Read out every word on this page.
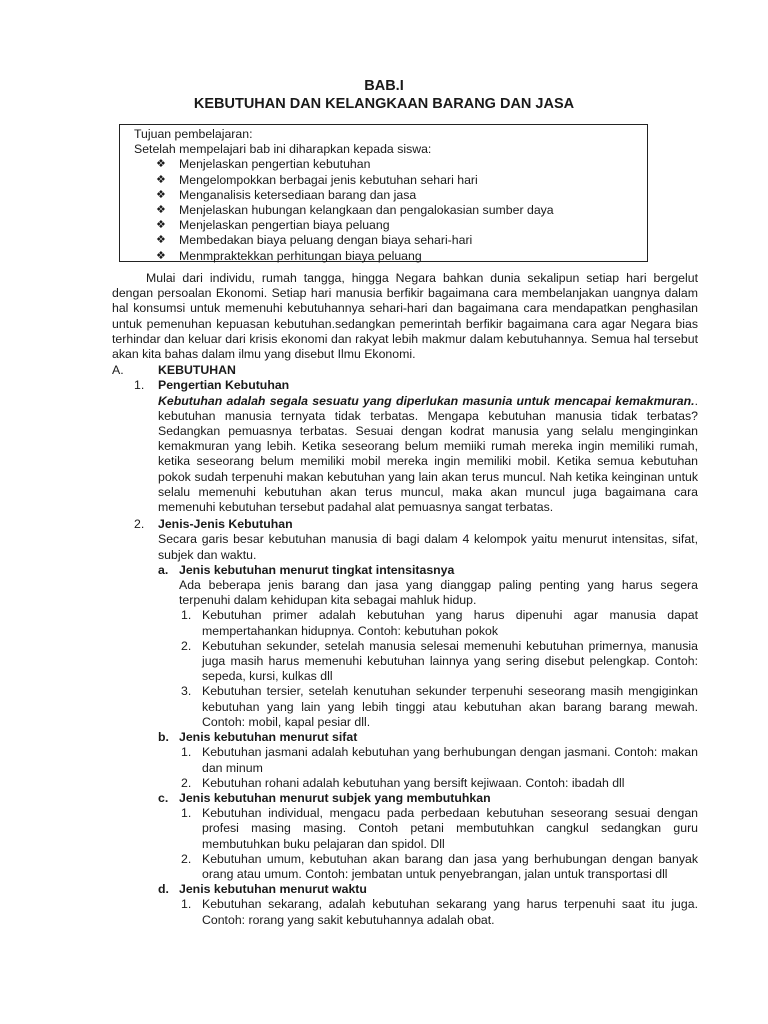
BAB.I
KEBUTUHAN DAN KELANGKAAN BARANG DAN JASA

Tujuan pembelajaran:

Setelah mempelajari bab ini diharapkan kepada siswa:

❖ Menjelaskan pengertian kebutuhan
❖ Mengelompokkan berbagai jenis kebutuhan sehari hari
❖ Menganalisis ketersediaan barang dan jasa
❖ Menjelaskan hubungan kelangkaan dan pengalokasian sumber daya
❖ Menjelaskan pengertian biaya peluang
❖ Membedakan biaya peluang dengan biaya sehari-hari
❖ Menmpraktekkan perhitungan biaya peluang

Mulai dari individu, rumah tangga, hingga Negara bahkan dunia sekalipun setiap hari bergelut dengan persoalan Ekonomi. Setiap hari manusia berfikir bagaimana cara membelanjakan uangnya dalam hal konsumsi untuk memenuhi kebutuhannya sehari-hari dan bagaimana cara mendapatkan penghasilan untuk pemenuhan kepuasan kebutuhan.sedangkan pemerintah berfikir bagaimana cara agar Negara bias terhindar dan keluar dari krisis ekonomi dan rakyat lebih makmur dalam kebutuhannya. Semua hal tersebut akan kita bahas dalam ilmu yang disebut Ilmu Ekonomi.

A.	KEBUTUHAN
1. Pengertian Kebutuhan

Kebutuhan adalah segala sesuatu yang diperlukan masunia untuk mencapai kemakmuran.. kebutuhan manusia ternyata tidak terbatas. Mengapa kebutuhan manusia tidak terbatas? Sedangkan pemuasnya terbatas. Sesuai dengan kodrat manusia yang selalu menginginkan kemakmuran yang lebih. Ketika seseorang belum memiiki rumah mereka ingin memiliki rumah, ketika seseorang belum memiliki mobil mereka ingin memiliki mobil. Ketika semua kebutuhan pokok sudah terpenuhi makan kebutuhan yang lain akan terus muncul. Nah ketika keinginan untuk selalu memenuhi kebutuhan akan terus muncul, maka akan muncul juga bagaimana cara memenuhi kebutuhan tersebut padahal alat pemuasnya sangat terbatas.

2. Jenis-Jenis Kebutuhan

Secara garis besar kebutuhan manusia di bagi dalam 4 kelompok yaitu menurut intensitas, sifat, subjek dan waktu.

a. Jenis kebutuhan menurut tingkat intensitasnya

Ada beberapa jenis barang dan jasa yang dianggap paling penting yang harus segera terpenuhi dalam kehidupan kita sebagai mahluk hidup.

1. Kebutuhan primer adalah kebutuhan yang harus dipenuhi agar manusia dapat mempertahankan hidupnya. Contoh: kebutuhan pokok

2. Kebutuhan sekunder, setelah manusia selesai memenuhi kebutuhan primernya, manusia juga masih harus memenuhi kebutuhan lainnya yang sering disebut pelengkap. Contoh: sepeda, kursi, kulkas dll

3. Kebutuhan tersier, setelah kenutuhan sekunder terpenuhi seseorang masih mengiginkan kebutuhan yang lain yang lebih tinggi atau kebutuhan akan barang barang mewah. Contoh: mobil, kapal pesiar dll.

b. Jenis kebutuhan menurut sifat
1. Kebutuhan jasmani adalah kebutuhan yang berhubungan dengan jasmani. Contoh: makan dan minum

2. Kebutuhan rohani adalah kebutuhan yang bersift kejiwaan. Contoh: ibadah dll

c. Jenis kebutuhan menurut subjek yang membutuhkan
1. Kebutuhan individual, mengacu pada perbedaan kebutuhan seseorang sesuai dengan profesi masing masing. Contoh petani membutuhkan cangkul sedangkan guru membutuhkan buku pelajaran dan spidol. Dll

2. Kebutuhan umum, kebutuhan akan barang dan jasa yang berhubungan dengan banyak orang atau umum. Contoh: jembatan untuk penyebrangan, jalan untuk transportasi dll

d. Jenis kebutuhan menurut waktu
1. Kebutuhan sekarang, adalah kebutuhan sekarang yang harus terpenuhi saat itu juga. Contoh: rorang yang sakit kebutuhannya adalah obat.
